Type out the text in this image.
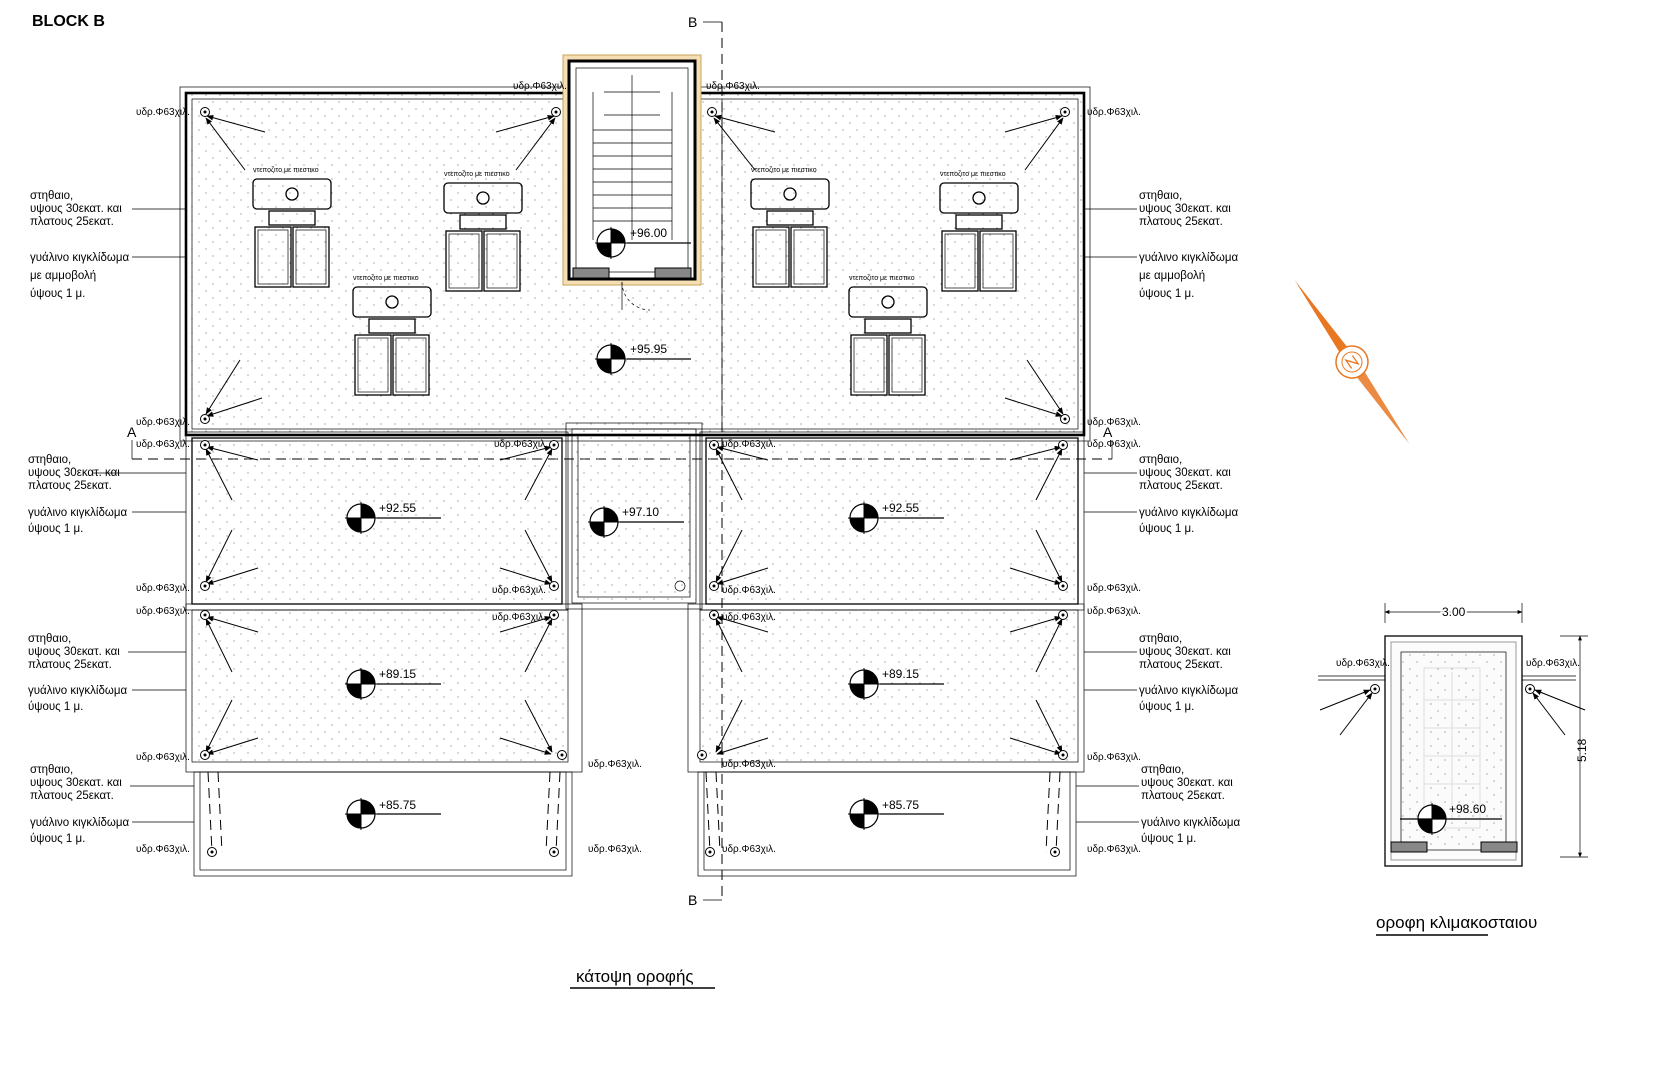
BLOCK B	B
B
A	A
ντεποζιτο με πιεστικο
ντεποζιτο με πιεστικο
ντεποζιτο με πιεστικο
ντεποζιτο με πιεστικο
ντεποζιτο με πιεστικο
ντεποζιτο με πιεστικο
υδρ.Φ63χιλ.
υδρ.Φ63χιλ.	υδρ.Φ63χιλ.
υδρ.Φ63χιλ.
υδρ.Φ63χιλ.	υδρ.Φ63χιλ.
υδρ.Φ63χιλ.	υδρ.Φ63χιλ.	υδρ.Φ63χιλ.	υδρ.Φ63χιλ.
υδρ.Φ63χιλ.	υδρ.Φ63χιλ.	υδρ.Φ63χιλ.	υδρ.Φ63χιλ.
υδρ.Φ63χιλ.
υδρ.Φ63χιλ.	υδρ.Φ63χιλ.
υδρ.Φ63χιλ.
υδρ.Φ63χιλ.
υδρ.Φ63χιλ.	υδρ.Φ63χιλ.
υδρ.Φ63χιλ.
υδρ.Φ63χιλ.	υδρ.Φ63χιλ.	υδρ.Φ63χιλ.	υδρ.Φ63χιλ.
+96.00
+95.95
+97.10
+92.55	+92.55
+89.15	+89.15
+85.75	+85.75
στηθαιο, υψους 30εκατ. και πλατους 25εκατ.
γυάλινο κιγκλίδωμα με αμμοβολή ύψους 1 μ.
στηθαιο, υψους 30εκατ. και πλατους 25εκατ.
γυάλινο κιγκλίδωμα ύψους 1 μ.
στηθαιο, υψους 30εκατ. και πλατους 25εκατ.
γυάλινο κιγκλίδωμα ύψους 1 μ.
στηθαιο, υψους 30εκατ. και πλατους 25εκατ.
γυάλινο κιγκλίδωμα ύψους 1 μ.
στηθαιο, υψους 30εκατ. και πλατους 25εκατ.
γυάλινο κιγκλίδωμα με αμμοβολή ύψους 1 μ.
στηθαιο, υψους 30εκατ. και πλατους 25εκατ.
γυάλινο κιγκλίδωμα ύψους 1 μ.
στηθαιο, υψους 30εκατ. και πλατους 25εκατ.
γυάλινο κιγκλίδωμα ύψους 1 μ.
στηθαιο, υψους 30εκατ. και πλατους 25εκατ.
γυάλινο κιγκλίδωμα ύψους 1 μ.
κάτοψη οροφής
3.00
5.18
υδρ.Φ63χιλ.	υδρ.Φ63χιλ.
+98.60
οροφη κλιμακοσταιου
